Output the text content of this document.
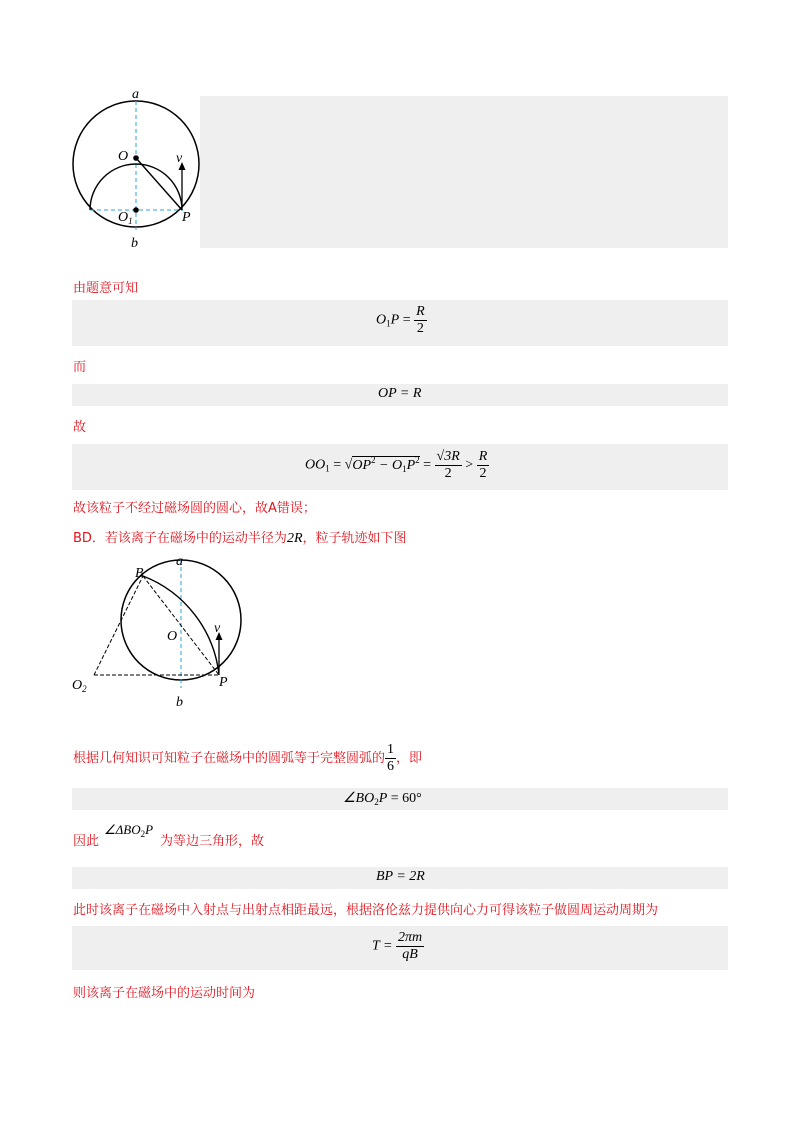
a
O	v
$O_1$	P
b
由题意可知
$O_1P = \frac{R}{2}$
而
OP = R
故
$OO_1 = √OP^2 - O_1P^2 = \frac{√3R}{2} > \frac{R}{2}$
故该粒子不经过磁场圆的圆心，故A错误；
BD．若该离子在磁场中的运动半径为2R，粒子轨迹如下图
a
B
O
v
$O_2$	P
b
根据几何知识可知粒子在磁场中的圆弧等于完整圆弧的 $\frac{1}{6}$ ，即
$\angle BO_2P = 60^\circ$
因此
$\angle\Delta BO_2P$
为等边三角形，故
BP = 2R
此时该离子在磁场中入射点与出射点相距最远，根据洛伦兹力提供向心力可得该粒子做圆周运动周期为
$T = \frac{2\pi m}{qB}$
则该离子在磁场中的运动时间为
